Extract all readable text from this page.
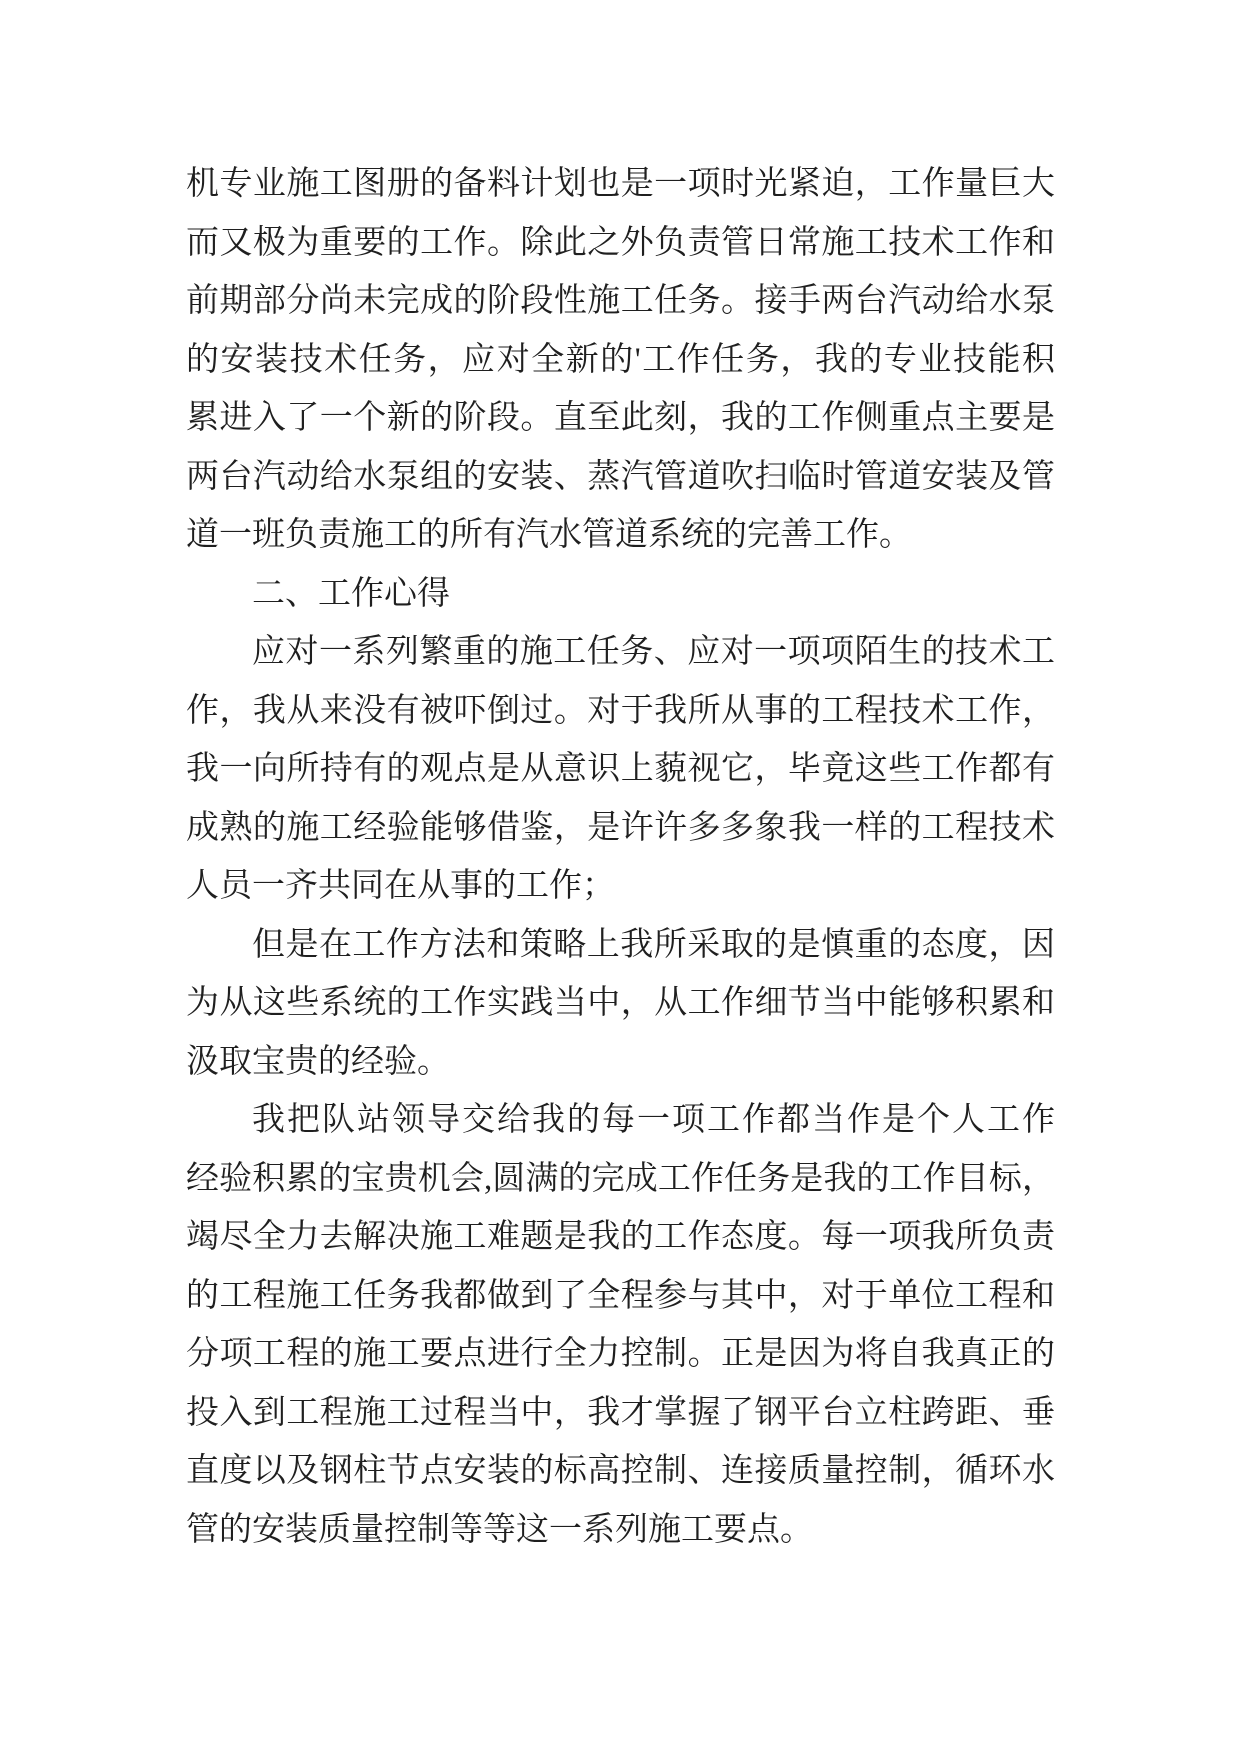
机专业施工图册的备料计划也是一项时光紧迫，工作量巨大
而又极为重要的工作。除此之外负责管日常施工技术工作和
前期部分尚未完成的阶段性施工任务。接手两台汽动给水泵
的安装技术任务，应对全新的'工作任务，我的专业技能积
累进入了一个新的阶段。直至此刻，我的工作侧重点主要是
两台汽动给水泵组的安装、蒸汽管道吹扫临时管道安装及管
道一班负责施工的所有汽水管道系统的完善工作。
二、工作心得
应对一系列繁重的施工任务、应对一项项陌生的技术工
作，我从来没有被吓倒过。对于我所从事的工程技术工作，
我一向所持有的观点是从意识上藐视它，毕竟这些工作都有
成熟的施工经验能够借鉴，是许许多多象我一样的工程技术
人员一齐共同在从事的工作；
但是在工作方法和策略上我所采取的是慎重的态度，因
为从这些系统的工作实践当中，从工作细节当中能够积累和
汲取宝贵的经验。
我把队站领导交给我的每一项工作都当作是个人工作
经验积累的宝贵机会,圆满的完成工作任务是我的工作目标，
竭尽全力去解决施工难题是我的工作态度。每一项我所负责
的工程施工任务我都做到了全程参与其中，对于单位工程和
分项工程的施工要点进行全力控制。正是因为将自我真正的
投入到工程施工过程当中，我才掌握了钢平台立柱跨距、垂
直度以及钢柱节点安装的标高控制、连接质量控制，循环水
管的安装质量控制等等这一系列施工要点。
